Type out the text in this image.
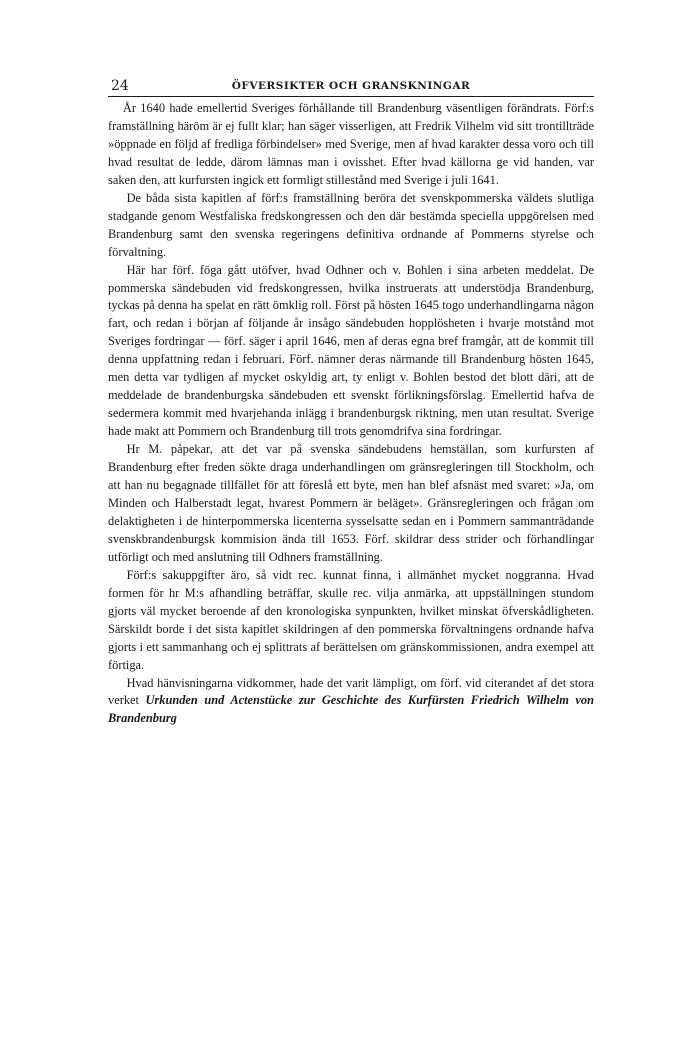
24	ÖFVERSIKTER OCH GRANSKNINGAR

År 1640 hade emellertid Sveriges förhållande till Brandenburg väsentligen förändrats. Förf:s framställning häröm är ej fullt klar; han säger visserligen, att Fredrik Vilhelm vid sitt trontillträde »öppnade en följd af fredliga förbindelser» med Sverige, men af hvad karakter dessa voro och till hvad resultat de ledde, därom lämnas man i ovisshet. Efter hvad källorna ge vid handen, var saken den, att kurfursten ingick ett formligt stillestånd med Sverige i juli 1641.

De båda sista kapitlen af förf:s framställning beröra det svenskpommerska väldets slutliga stadgande genom Westfaliska fredskongressen och den där bestämda speciella uppgörelsen med Brandenburg samt den svenska regeringens definitiva ordnande af Pommerns styrelse och förvaltning.

Här har förf. föga gått utöfver, hvad Odhner och v. Bohlen i sina arbeten meddelat. De pommerska sändebuden vid fredskongressen, hvilka instruerats att understödja Brandenburg, tyckas på denna ha spelat en rätt ömklig roll. Först på hösten 1645 togo underhandlingarna någon fart, och redan i början af följande år insågo sändebuden hopplösheten i hvarje motstånd mot Sveriges fordringar — förf. säger i april 1646, men af deras egna bref framgår, att de kommit till denna uppfattning redan i februari. Förf. nämner deras närmande till Brandenburg hösten 1645, men detta var tydligen af mycket oskyldig art, ty enligt v. Bohlen bestod det blott däri, att de meddelade de brandenburgska sändebuden ett svenskt förlikningsförslag. Emellertid hafva de sedermera kommit med hvarjehanda inlägg i brandenburgsk riktning, men utan resultat. Sverige hade makt att Pommern och Brandenburg till trots genomdrifva sina fordringar.

Hr M. påpekar, att det var på svenska sändebudens hemställan, som kurfursten af Brandenburg efter freden sökte draga underhandlingen om gränsregleringen till Stockholm, och att han nu begagnade tillfället för att föreslå ett byte, men han blef afsnäst med svaret: »Ja, om Minden och Halberstadt legat, hvarest Pommern är beläget». Gränsregleringen och frågan om delaktigheten i de hinterpommerska licenterna sysselsatte sedan en i Pommern sammanträdande svenskbrandenburgsk kommision ända till 1653. Förf. skildrar dess strider och förhandlingar utförligt och med anslutning till Odhners framställning.

Förf:s sakuppgifter äro, så vidt rec. kunnat finna, i allmänhet mycket noggranna. Hvad formen för hr M:s afhandling beträffar, skulle rec. vilja anmärka, att uppställningen stundom gjorts väl mycket beroende af den kronologiska synpunkten, hvilket minskat öfverskådligheten. Särskildt borde i det sista kapitlet skildringen af den pommerska förvaltningens ordnande hafva gjorts i ett sammanhang och ej splittrats af berättelsen om gränskommissionen, andra exempel att förtiga.

Hvad hänvisningarna vidkommer, hade det varit lämpligt, om förf. vid citerandet af det stora verket Urkunden und Actenstücke zur Geschichte des Kurfürsten Friedrich Wilhelm von Brandenburg
